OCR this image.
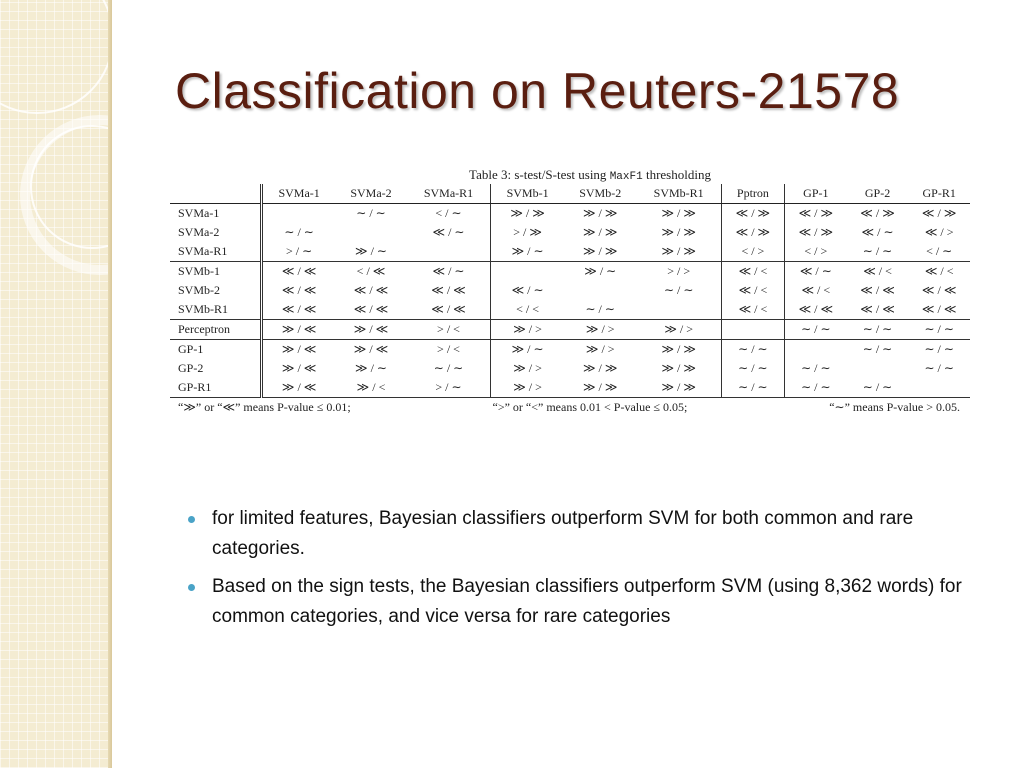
Classification on Reuters-21578
Table 3: s-test/S-test using MaxF1 thresholding
	SVMa-1	SVMa-2	SVMa-R1	SVMb-1	SVMb-2	SVMb-R1	Pptron	GP-1	GP-2	GP-R1
SVMa-1		∼ / ∼	< / ∼	≫ / ≫	≫ / ≫	≫ / ≫	≪ / ≫	≪ / ≫	≪ / ≫	≪ / ≫
SVMa-2	∼ / ∼		≪ / ∼	> / ≫	≫ / ≫	≫ / ≫	≪ / ≫	≪ / ≫	≪ / ∼	≪ / >
SVMa-R1	> / ∼	≫ / ∼		≫ / ∼	≫ / ≫	≫ / ≫	< / >	< / >	∼ / ∼	< / ∼
SVMb-1	≪ / ≪	< / ≪	≪ / ∼		≫ / ∼	> / >	≪ / <	≪ / ∼	≪ / <	≪ / <
SVMb-2	≪ / ≪	≪ / ≪	≪ / ≪	≪ / ∼		∼ / ∼	≪ / <	≪ / <	≪ / ≪	≪ / ≪
SVMb-R1	≪ / ≪	≪ / ≪	≪ / ≪	< / <	∼ / ∼		≪ / <	≪ / ≪	≪ / ≪	≪ / ≪
Perceptron	≫ / ≪	≫ / ≪	> / <	≫ / >	≫ / >	≫ / >		∼ / ∼	∼ / ∼	∼ / ∼
GP-1	≫ / ≪	≫ / ≪	> / <	≫ / ∼	≫ / >	≫ / ≫	∼ / ∼		∼ / ∼	∼ / ∼
GP-2	≫ / ≪	≫ / ∼	∼ / ∼	≫ / >	≫ / ≫	≫ / ≫	∼ / ∼	∼ / ∼		∼ / ∼
GP-R1	≫ / ≪	≫ / <	> / ∼	≫ / >	≫ / ≫	≫ / ≫	∼ / ∼	∼ / ∼	∼ / ∼	
“≫” or “≪” means P-value ≤ 0.01;	“>” or “<” means 0.01 < P-value ≤ 0.05;	“∼” means P-value > 0.05.
for limited features, Bayesian classifiers outperform SVM for both common and rare categories.
Based on the sign tests, the Bayesian classifiers outperform SVM (using 8,362 words) for common categories, and vice versa for rare categories
